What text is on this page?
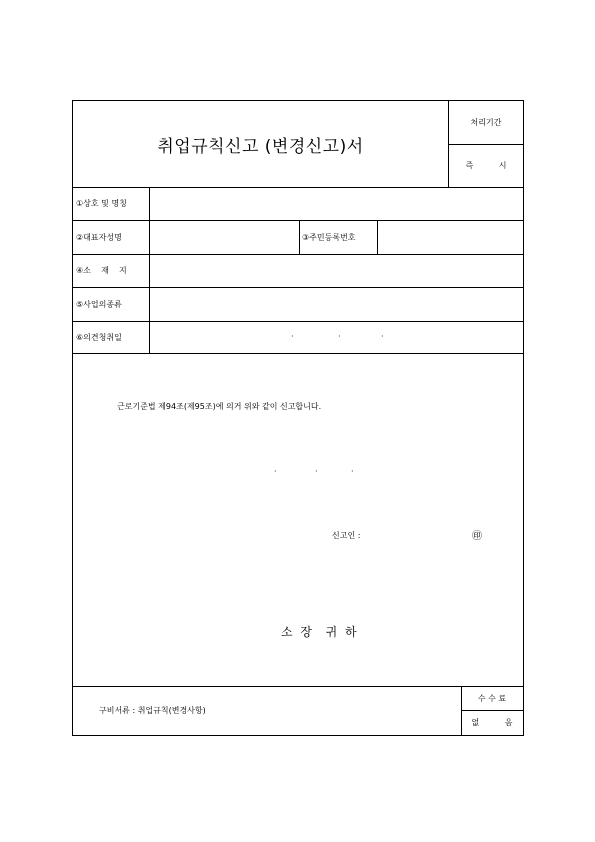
취업규칙신고 (변경신고)서
처리기간
즉          시
①상호 및 명칭
②대표자성명	③주민등록번호
④소    재    지
⑤사업의종류
⑥의견청취일	·	·	·
근로기준법 제94조(제95조)에 의거 위와 같이 신고합니다.
·	·	·
신고인 :	㊞
소 장  귀 하
구비서류 : 취업규칙(변경사항)
수 수 료
없          음
